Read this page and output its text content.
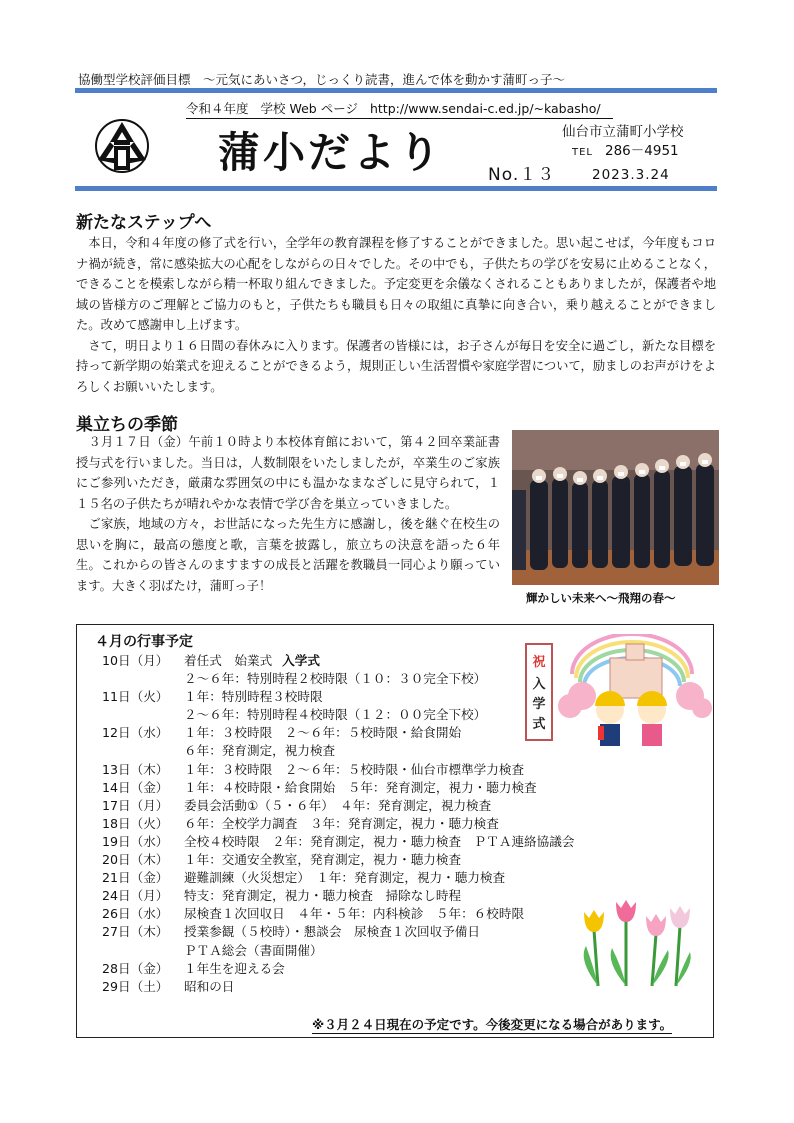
協働型学校評価目標　～元気にあいさつ，じっくり読書，進んで体を動かす蒲町っ子～
令和４年度 学校 Web ページ http://www.sendai-c.ed.jp/~kabasho/
蒲小だより	仙台市立蒲町小学校
TEL 286－4951
No.１３	2023.3.24
新たなステップへ
　本日，令和４年度の修了式を行い，全学年の教育課程を修了することができました。思い起こせば，今年度もコロナ禍が続き，常に感染拡大の心配をしながらの日々でした。その中でも，子供たちの学びを安易に止めることなく，できることを模索しながら精一杯取り組んできました。予定変更を余儀なくされることもありましたが，保護者や地域の皆様方のご理解とご協力のもと，子供たちも職員も日々の取組に真摯に向き合い，乗り越えることができました。改めて感謝申し上げます。
　さて，明日より１６日間の春休みに入ります。保護者の皆様には，お子さんが毎日を安全に過ごし，新たな目標を持って新学期の始業式を迎えることができるよう，規則正しい生活習慣や家庭学習について，励ましのお声がけをよろしくお願いいたします。
巣立ちの季節
　３月１７日（金）午前１０時より本校体育館において，第４２回卒業証書授与式を行いました。当日は，人数制限をいたしましたが，卒業生のご家族にご参列いただき，厳粛な雰囲気の中にも温かなまなざしに見守られて，１１５名の子供たちが晴れやかな表情で学び舎を巣立っていきました。
　ご家族，地域の方々，お世話になった先生方に感謝し，後を継ぐ在校生の思いを胸に，最高の態度と歌，言葉を披露し，旅立ちの決意を語った６年生。これからの皆さんのますますの成長と活躍を教職員一同心より願っています。大きく羽ばたけ，蒲町っ子！
輝かしい未来へ～飛翔の春～
４月の行事予定
10日（月） 着任式　始業式 入学式
２～６年：特別時程２校時限（１０：３０完全下校）
11日（火） １年：特別時程３校時限
２～６年：特別時程４校時限（１２：００完全下校）
12日（水） １年：３校時限　２～６年：５校時限・給食開始
６年：発育測定，視力検査
13日（木） １年：３校時限　２～６年：５校時限・仙台市標準学力検査
14日（金） １年：４校時限・給食開始　５年：発育測定，視力・聴力検査
17日（月） 委員会活動①（５・６年）　４年：発育測定，視力検査
18日（火） ６年：全校学力調査　３年：発育測定，視力・聴力検査
19日（水） 全校４校時限　２年：発育測定，視力・聴力検査　ＰＴＡ連絡協議会
20日（木） １年：交通安全教室，発育測定，視力・聴力検査
21日（金） 避難訓練（火災想定）　１年：発育測定，視力・聴力検査
24日（月） 特支：発育測定，視力・聴力検査　掃除なし時程
26日（水） 尿検査１次回収日　４年・５年：内科検診　５年：６校時限
27日（木） 授業参観（５校時）・懇談会　尿検査１次回収予備日
ＰＴＡ総会（書面開催）
28日（金） １年生を迎える会
29日（土） 昭和の日
祝
入
学
式
※３月２４日現在の予定です。今後変更になる場合があります。
